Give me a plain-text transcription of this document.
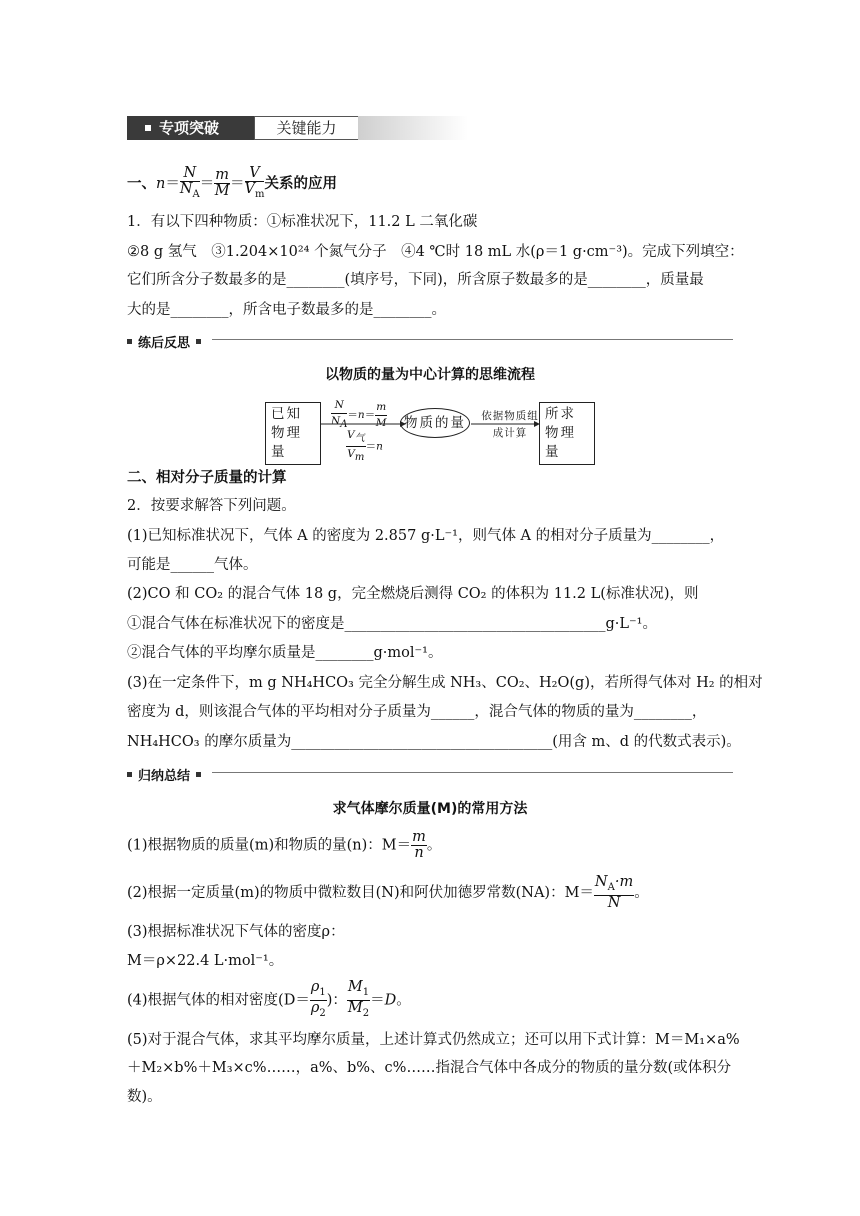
专项突破	关键能力
一、$n= \frac{N}{N_A} = \frac{m}{M} = \frac{V}{V_m}$ 关系的应用
1．有以下四种物质：①标准状况下，11.2 L 二氧化碳
②8 g 氢气　③1.204×10²⁴ 个氮气分子　④4 ℃时 18 mL 水(ρ＝1 g·cm⁻³)。完成下列填空：
它们所含分子数最多的是________(填序号，下同)，所含原子数最多的是________，质量最
大的是________，所含电子数最多的是________。
练后反思
以物质的量为中心计算的思维流程
已知物理量
$\frac{N}{N_A} =n= \frac{m}{M}$
$\frac{V_气}{V_m} =n$
物质的量	依据物质组成计算
所求物理量
二、相对分子质量的计算
2．按要求解答下列问题。
(1)已知标准状况下，气体 A 的密度为 2.857 g·L⁻¹，则气体 A 的相对分子质量为________，
可能是______气体。
(2)CO 和 CO₂ 的混合气体 18 g，完全燃烧后测得 CO₂ 的体积为 11.2 L(标准状况)，则
①混合气体在标准状况下的密度是____________________________________g·L⁻¹。
②混合气体的平均摩尔质量是________g·mol⁻¹。
(3)在一定条件下，m g NH₄HCO₃ 完全分解生成 NH₃、CO₂、H₂O(g)，若所得气体对 H₂ 的相对
密度为 d，则该混合气体的平均相对分子质量为______，混合气体的物质的量为________，
NH₄HCO₃ 的摩尔质量为____________________________________(用含 m、d 的代数式表示)。
归纳总结
求气体摩尔质量(M)的常用方法
(1)根据物质的质量(m)和物质的量(n)：$M= \frac{m}{n}$ 。
(2)根据一定质量(m)的物质中微粒数目(N)和阿伏加德罗常数(NA)：$M= \frac{N_A\cdot m}{N}$ 。
(3)根据标准状况下气体的密度ρ：
M＝ρ×22.4 L·mol⁻¹。
(4)根据气体的相对密度($D= \frac{\rho_1}{\rho_2}$ )： $\frac{M_1}{M_2} =D$。
(5)对于混合气体，求其平均摩尔质量，上述计算式仍然成立；还可以用下式计算：M＝M₁×a%
＋M₂×b%＋M₃×c%……，a%、b%、c%……指混合气体中各成分的物质的量分数(或体积分
数)。
